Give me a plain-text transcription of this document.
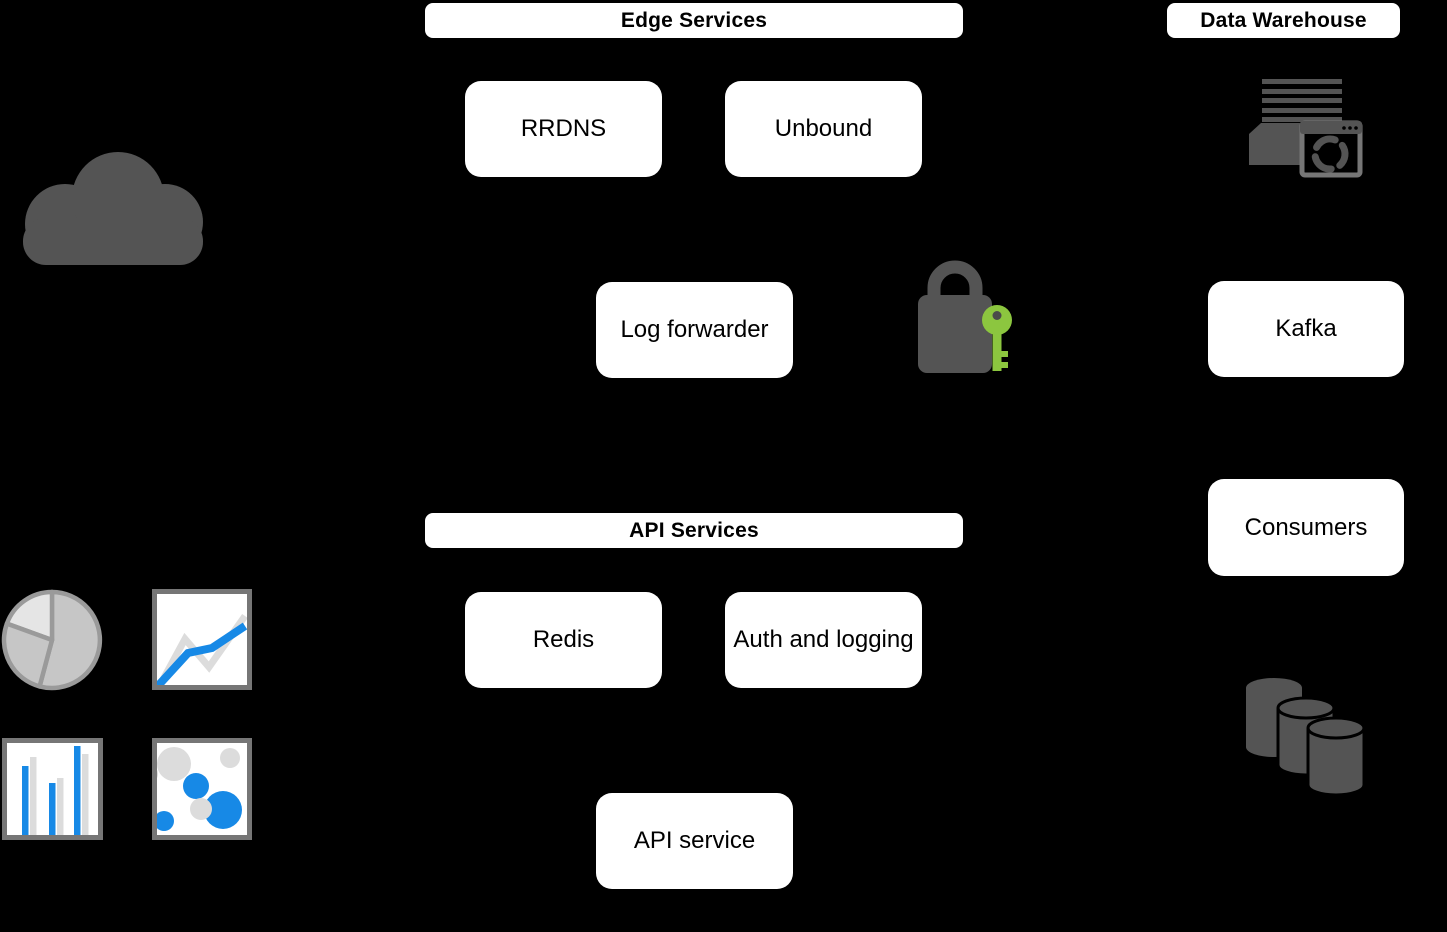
Edge Services	Data Warehouse
API Services
RRDNS	Unbound
Log forwarder	Kafka
Consumers
Redis	Auth and logging
API service
